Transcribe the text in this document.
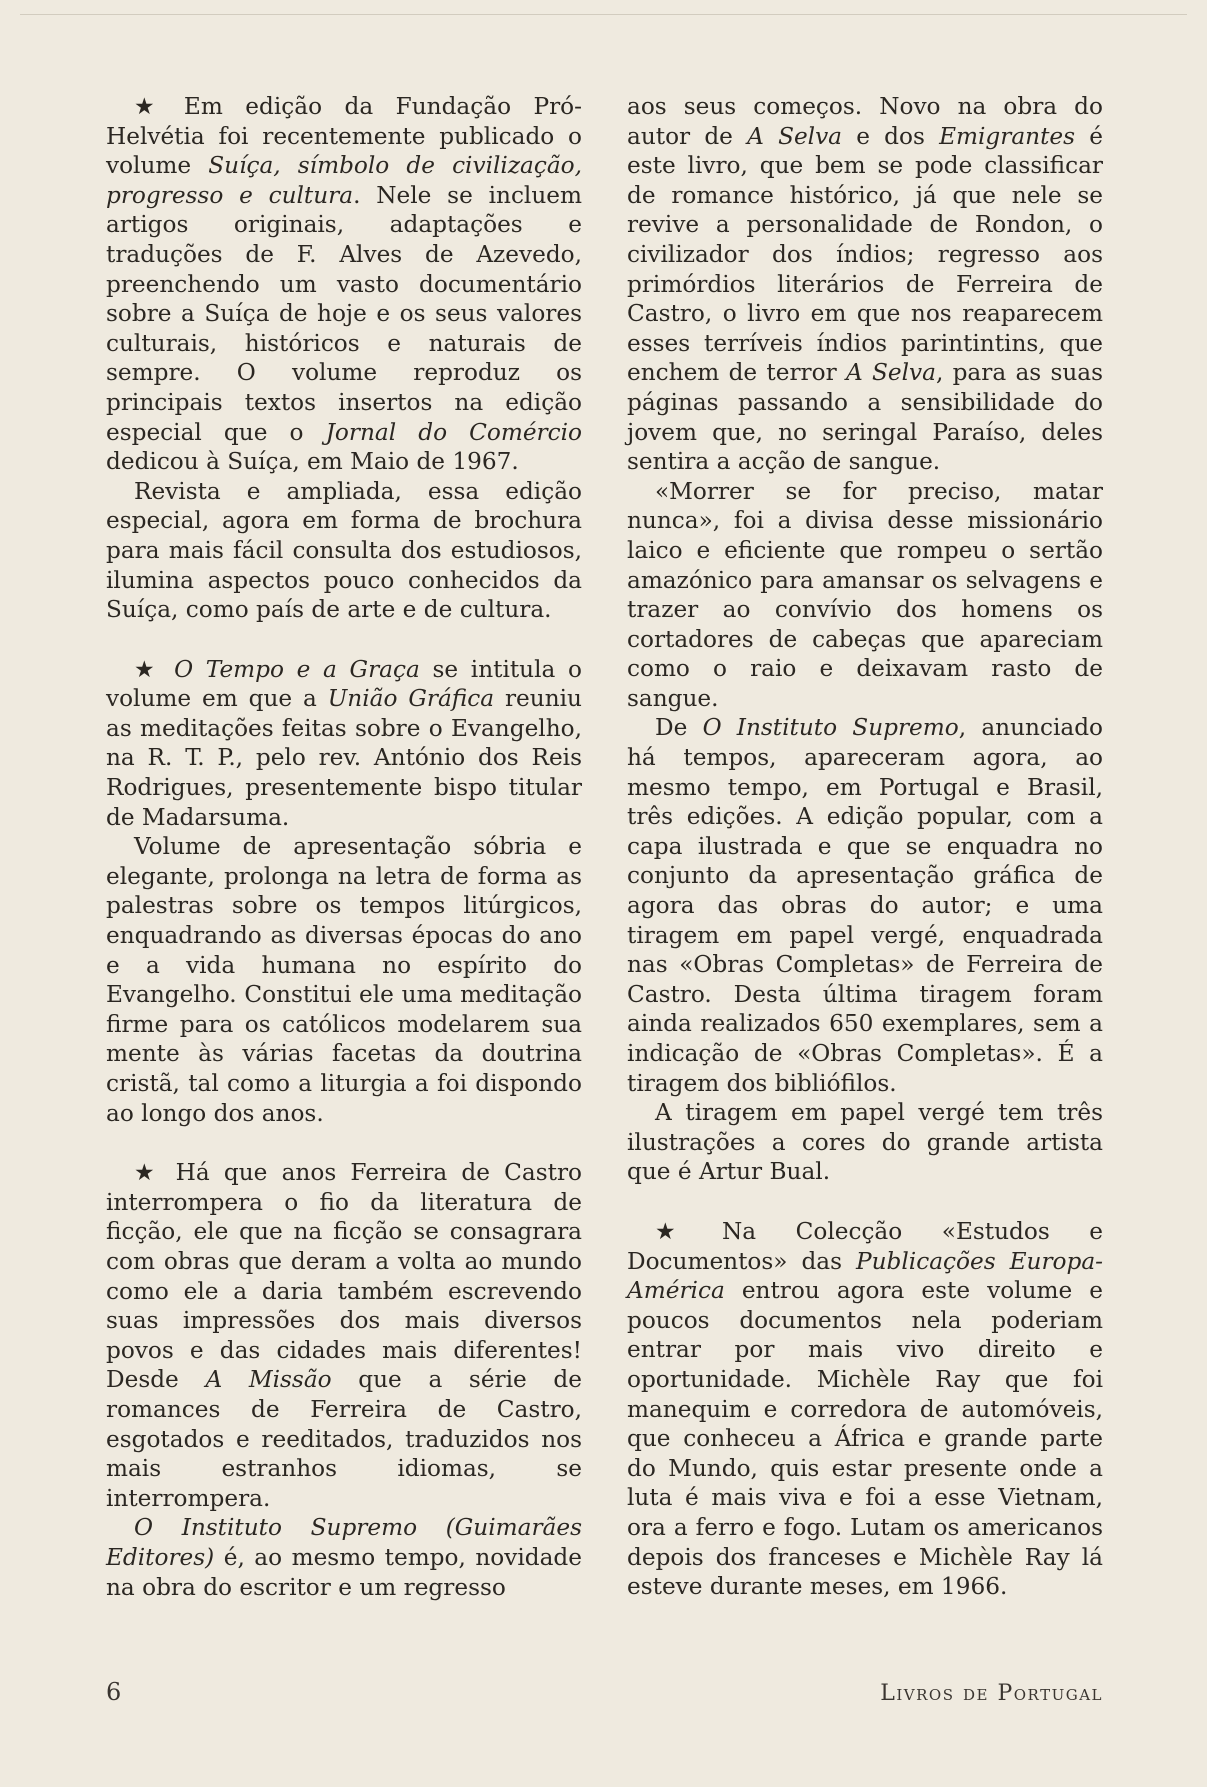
★ Em edição da Fundação Pró-Helvétia foi recentemente publicado o volume Suíça, símbolo de civilização, progresso e cultura. Nele se incluem artigos originais, adaptações e traduções de F. Alves de Azevedo, preenchendo um vasto documentário sobre a Suíça de hoje e os seus valores culturais, históricos e naturais de sempre. O volume reproduz os principais textos insertos na edição especial que o Jornal do Comércio dedicou à Suíça, em Maio de 1967.

Revista e ampliada, essa edição especial, agora em forma de brochura para mais fácil consulta dos estudiosos, ilumina aspectos pouco conhecidos da Suíça, como país de arte e de cultura.

★ O Tempo e a Graça se intitula o volume em que a União Gráfica reuniu as meditações feitas sobre o Evangelho, na R. T. P., pelo rev. António dos Reis Rodrigues, presentemente bispo titular de Madarsuma.

Volume de apresentação sóbria e elegante, prolonga na letra de forma as palestras sobre os tempos litúrgicos, enquadrando as diversas épocas do ano e a vida humana no espírito do Evangelho. Constitui ele uma meditação firme para os católicos modelarem sua mente às várias facetas da doutrina cristã, tal como a liturgia a foi dispondo ao longo dos anos.

★ Há que anos Ferreira de Castro interrompera o fio da literatura de ficção, ele que na ficção se consagrara com obras que deram a volta ao mundo como ele a daria também escrevendo suas impressões dos mais diversos povos e das cidades mais diferentes! Desde A Missão que a série de romances de Ferreira de Castro, esgotados e reeditados, traduzidos nos mais estranhos idiomas, se interrompera.

O Instituto Supremo (Guimarães Editores) é, ao mesmo tempo, novidade na obra do escritor e um regresso

aos seus começos. Novo na obra do autor de A Selva e dos Emigrantes é este livro, que bem se pode classificar de romance histórico, já que nele se revive a personalidade de Rondon, o civilizador dos índios; regresso aos primórdios literários de Ferreira de Castro, o livro em que nos reaparecem esses terríveis índios parintintins, que enchem de terror A Selva, para as suas páginas passando a sensibilidade do jovem que, no seringal Paraíso, deles sentira a acção de sangue.

«Morrer se for preciso, matar nunca», foi a divisa desse missionário laico e eficiente que rompeu o sertão amazónico para amansar os selvagens e trazer ao convívio dos homens os cortadores de cabeças que apareciam como o raio e deixavam rasto de sangue.

De O Instituto Supremo, anunciado há tempos, apareceram agora, ao mesmo tempo, em Portugal e Brasil, três edições. A edição popular, com a capa ilustrada e que se enquadra no conjunto da apresentação gráfica de agora das obras do autor; e uma tiragem em papel vergé, enquadrada nas «Obras Completas» de Ferreira de Castro. Desta última tiragem foram ainda realizados 650 exemplares, sem a indicação de «Obras Completas». É a tiragem dos bibliófilos.

A tiragem em papel vergé tem três ilustrações a cores do grande artista que é Artur Bual.

★ Na Colecção «Estudos e Documentos» das Publicações Europa-América entrou agora este volume e poucos documentos nela poderiam entrar por mais vivo direito e oportunidade. Michèle Ray que foi manequim e corredora de automóveis, que conheceu a África e grande parte do Mundo, quis estar presente onde a luta é mais viva e foi a esse Vietnam, ora a ferro e fogo. Lutam os americanos depois dos franceses e Michèle Ray lá esteve durante meses, em 1966.

6	Livros de Portugal
